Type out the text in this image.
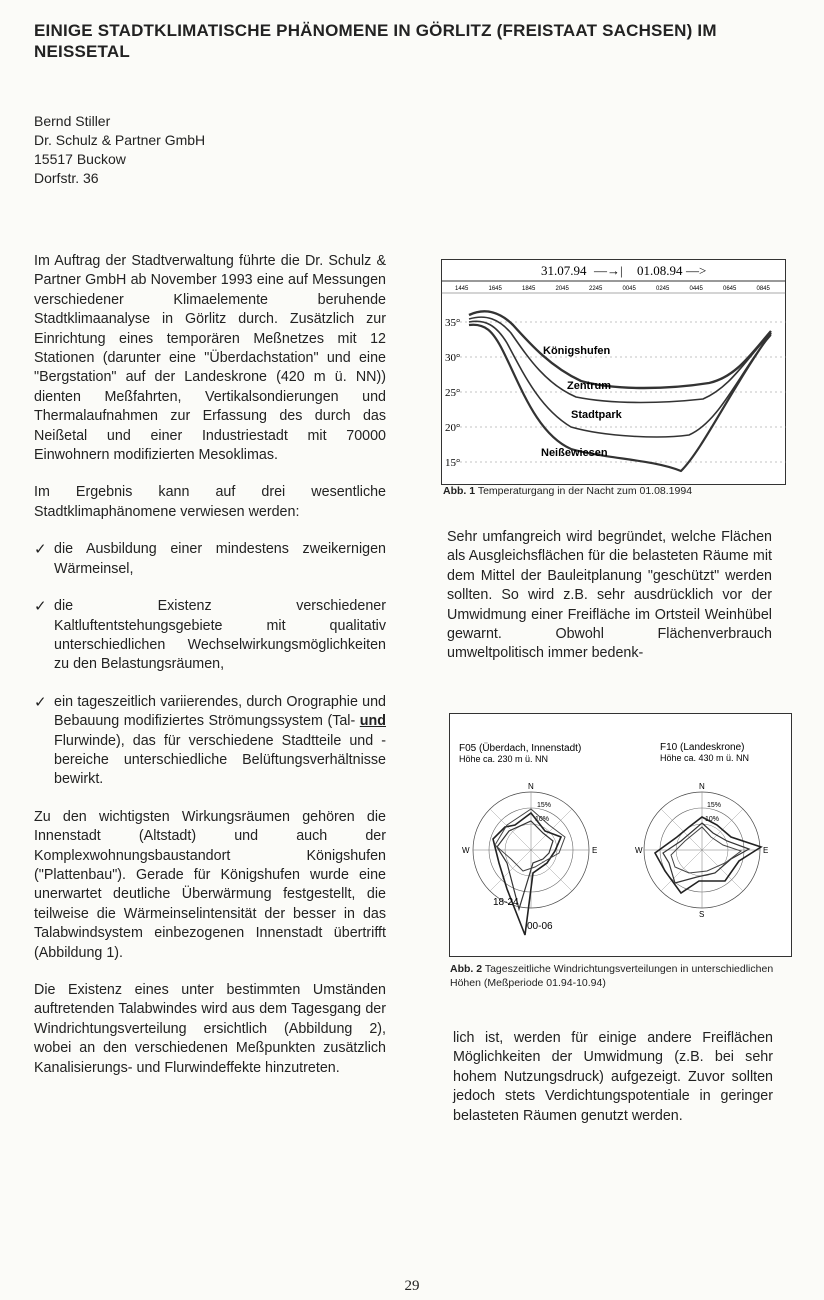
EINIGE STADTKLIMATISCHE PHÄNOMENE IN GÖRLITZ (FREISTAAT SACHSEN) IM NEISSETAL
Bernd Stiller
Dr. Schulz & Partner GmbH
15517 Buckow
Dorfstr. 36

Im Auftrag der Stadtverwaltung führte die Dr. Schulz & Partner GmbH ab November 1993 eine auf Messungen verschiedener Klimaelemente beruhende Stadtklimaanalyse in Görlitz durch. Zusätzlich zur Einrichtung eines temporären Meßnetzes mit 12 Stationen (darunter eine "Überdachstation" und eine "Bergstation" auf der Landeskrone (420 m ü. NN)) dienten Meßfahrten, Vertikalsondierungen und Thermalaufnahmen zur Erfassung des durch das Neißetal und einer Industriestadt mit 70000 Einwohnern modifizierten Mesoklimas.

Im Ergebnis kann auf drei wesentliche Stadtklimaphänomene verwiesen werden:

✓ die Ausbildung einer mindestens zweikernigen Wärmeinsel,
✓ die Existenz verschiedener Kaltluftentstehungsgebiete mit qualitativ unterschiedlichen Wechselwirkungsmöglichkeiten zu den Belastungsräumen,
✓ ein tageszeitlich variierendes, durch Orographie und Bebauung modifiziertes Strömungssystem (Tal- und Flurwinde), das für verschiedene Stadtteile und -bereiche unterschiedliche Belüftungsverhältnisse bewirkt.

Zu den wichtigsten Wirkungsräumen gehören die Innenstadt (Altstadt) und auch der Komplexwohnungsbaustandort Königshufen ("Plattenbau"). Gerade für Königshufen wurde eine unerwartet deutliche Überwärmung festgestellt, die teilweise die Wärmeinselintensität der besser in das Talabwindsystem einbezogenen Innenstadt übertrifft (Abbildung 1).

Die Existenz eines unter bestimmten Umständen auftretenden Talabwindes wird aus dem Tagesgang der Windrichtungsverteilung ersichtlich (Abbildung 2), wobei an den verschiedenen Meßpunkten zusätzlich Kanalisierungs- und Flurwindeffekte hinzutreten.

31.07.94 —→| 01.08.94 —>
1445	1645	1845	2045	2245	0045	0245	0445	0645	0845
35°
30°
25°
20°
15°
Königshufen
Zentrum
Stadtpark
Neißewiesen
Abb. 1 Temperaturgang in der Nacht zum 01.08.1994

Sehr umfangreich wird begründet, welche Flächen als Ausgleichsflächen für die belasteten Räume mit dem Mittel der Bauleitplanung "geschützt" werden sollten. So wird z.B. sehr ausdrücklich vor der Umwidmung einer Freifläche im Ortsteil Weinhübel gewarnt. Obwohl Flächenverbrauch umweltpolitisch immer bedenk-

F05 (Überdach, Innenstadt)
Höhe ca. 230 m ü. NN
F10 (Landeskrone)
Höhe ca. 430 m ü. NN
N
E
W
15%
10%
18-24
00-06
N
E
S
W
15%
10%
Abb. 2 Tageszeitliche Windrichtungsverteilungen in unterschiedlichen Höhen (Meßperiode 01.94-10.94)

lich ist, werden für einige andere Freiflächen Möglichkeiten der Umwidmung (z.B. bei sehr hohem Nutzungsdruck) aufgezeigt. Zuvor sollten jedoch stets Verdichtungspotentiale in geringer belasteten Räumen genutzt werden.

29
